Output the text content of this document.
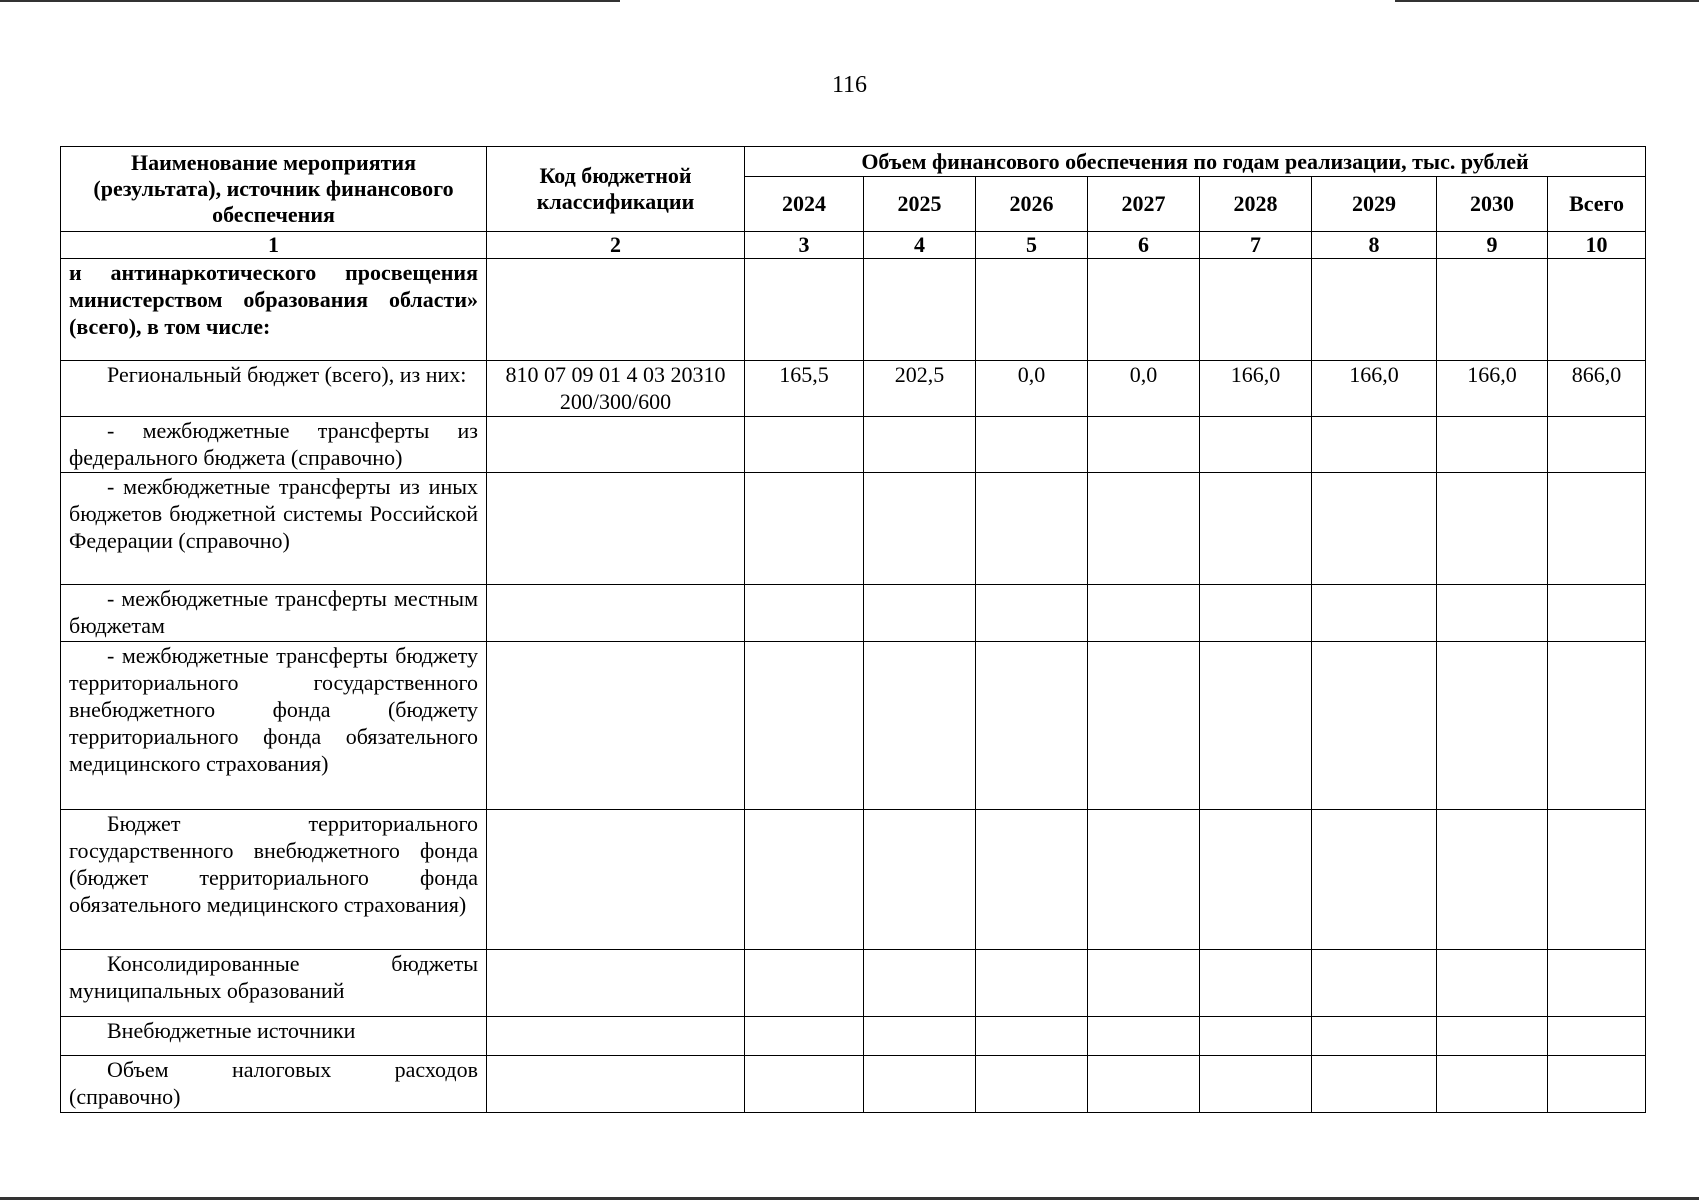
116
Наименование мероприятия (результата), источник финансового обеспечения	Код бюджетной классификации	Объем финансового обеспечения по годам реализации, тыс. рублей							
		2024	2025	2026	2027	2028	2029	2030	Всего
1	2	3	4	5	6	7	8	9	10
и антинаркотического просвещения министерством образования области» (всего), в том числе:									
Региональный бюджет (всего), из них:	810 07 09 01 4 03 20310 200/300/600	165,5	202,5	0,0	0,0	166,0	166,0	166,0	866,0
- межбюджетные трансферты из федерального бюджета (справочно)									
- межбюджетные трансферты из иных бюджетов бюджетной системы Российской Федерации (справочно)									
- межбюджетные трансферты местным бюджетам									
- межбюджетные трансферты бюджету территориального государственного внебюджетного фонда (бюджету территориального фонда обязательного медицинского страхования)									
Бюджет территориального государственного внебюджетного фонда (бюджет территориального фонда обязательного медицинского страхования)									
Консолидированные бюджеты муниципальных образований									
Внебюджетные источники									
Объем налоговых расходов (справочно)									
